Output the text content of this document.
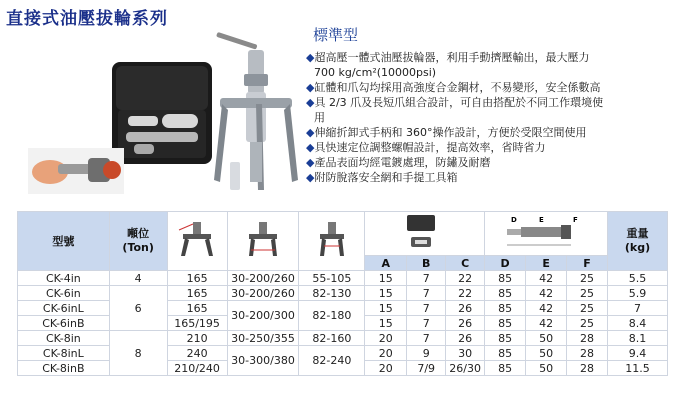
直接式油壓拔輪系列
標準型
◆超高壓一體式油壓拔輪器，利用手動擠壓輸出，最大壓力
700 kg/cm²(10000psi)
◆缸體和爪勾均採用高強度合金鋼材，不易變形，安全係數高
◆具 2/3 爪及長短爪組合設計，可自由搭配於不同工作環境使
用
◆伸縮折卸式手柄和 360°操作設計，方便於受限空間使用
◆具快速定位調整螺帽設計，提高效率，省時省力
◆產品表面均經電鍍處理，防鏽及耐磨
◆附防脫落安全網和手提工具箱
型號	噸位
(Ton)							D E F			重量
(kg)
					A	B	C	D	E	F	
CK-4in	4	165	30-200/260	55-105	15	7	22	85	42	25	5.5
CK-6in	6	165	30-200/260	82-130	15	7	22	85	42	25	5.9
CK-6inL		165	30-200/300	82-180	15	7	26	85	42	25	7
CK-6inB		165/195			15	7	26	85	42	25	8.4
CK-8in	8	210	30-250/355	82-160	20	7	26	85	50	28	8.1
CK-8inL		240	30-300/380	82-240	20	9	30	85	50	28	9.4
CK-8inB		210/240			20	7/9	26/30	85	50	28	11.5
